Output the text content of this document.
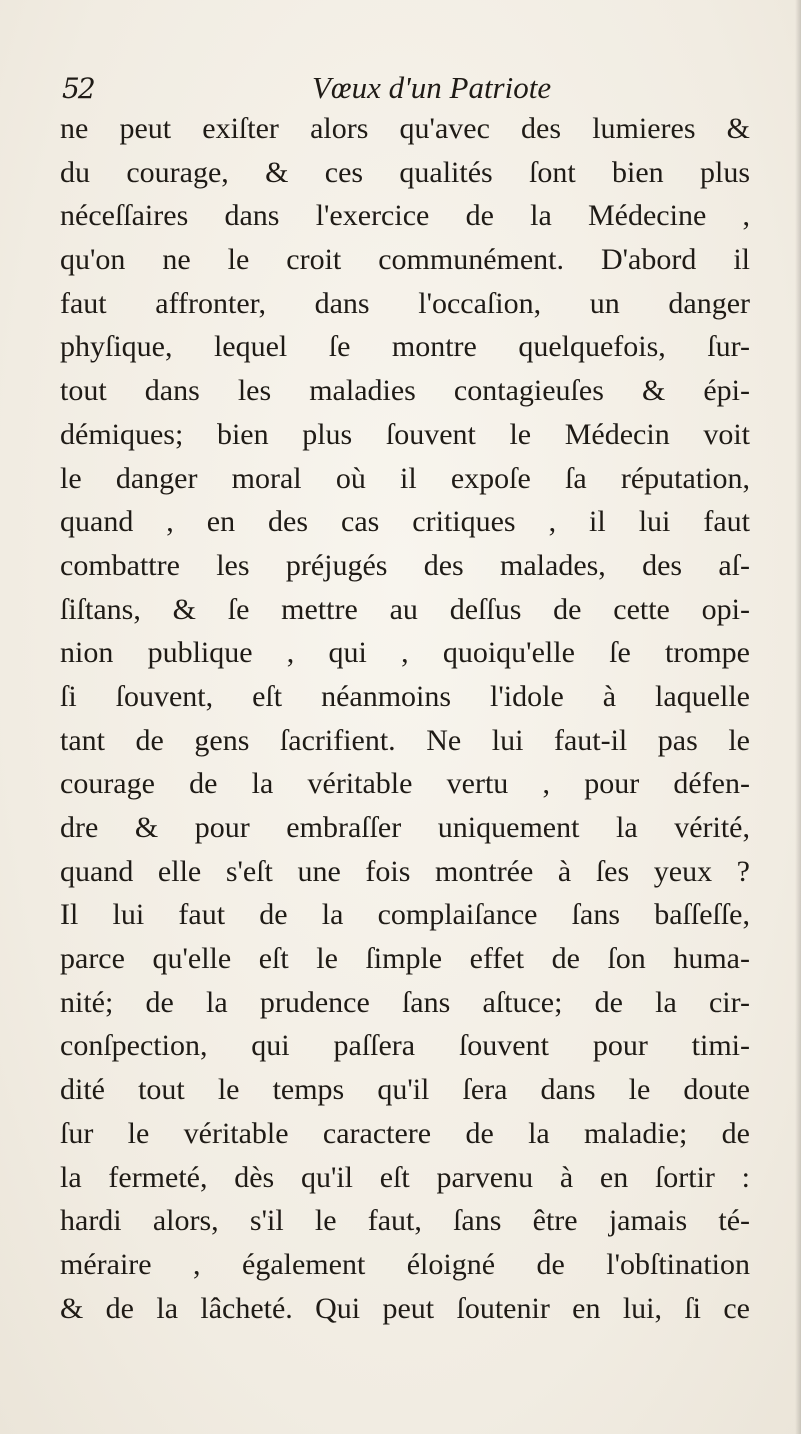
52	Vœux d'un Patriote
ne peut exiſter alors qu'avec des lumieres &
du courage, & ces qualités ſont bien plus
néceſſaires dans l'exercice de la Médecine ,
qu'on ne le croit communément. D'abord il
faut affronter, dans l'occaſion, un danger
phyſique, lequel ſe montre quelquefois, ſur-
tout dans les maladies contagieuſes & épi-
démiques; bien plus ſouvent le Médecin voit
le danger moral où il expoſe ſa réputation,
quand , en des cas critiques , il lui faut
combattre les préjugés des malades, des aſ-
ſiſtans, & ſe mettre au deſſus de cette opi-
nion publique , qui , quoiqu'elle ſe trompe
ſi ſouvent, eſt néanmoins l'idole à laquelle
tant de gens ſacrifient. Ne lui faut-il pas le
courage de la véritable vertu , pour défen-
dre & pour embraſſer uniquement la vérité,
quand elle s'eſt une fois montrée à ſes yeux ?
Il lui faut de la complaiſance ſans baſſeſſe,
parce qu'elle eſt le ſimple effet de ſon huma-
nité; de la prudence ſans aſtuce; de la cir-
conſpection, qui paſſera ſouvent pour timi-
dité tout le temps qu'il ſera dans le doute
ſur le véritable caractere de la maladie; de
la fermeté, dès qu'il eſt parvenu à en ſortir :
hardi alors, s'il le faut, ſans être jamais té-
méraire , également éloigné de l'obſtination
& de la lâcheté. Qui peut ſoutenir en lui, ſi ce
